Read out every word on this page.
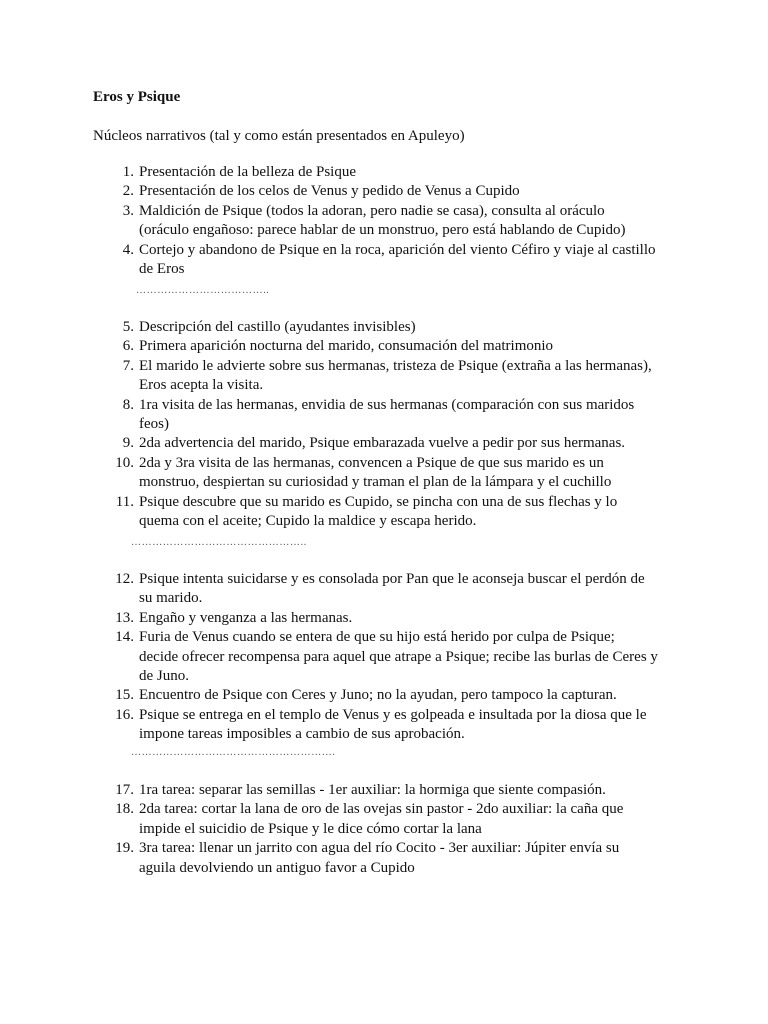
Eros y Psique
Núcleos narrativos (tal y como están presentados en Apuleyo)
1. Presentación de la belleza de Psique
2. Presentación de los celos de Venus y pedido de Venus a Cupido
3. Maldición de Psique (todos la adoran, pero nadie se casa), consulta al oráculo
(oráculo engañoso: parece hablar de un monstruo, pero está hablando de Cupido)
4. Cortejo y abandono de Psique en la roca, aparición del viento Céfiro y viaje al castillo
de Eros
………………………………..
5. Descripción del castillo (ayudantes invisibles)
6. Primera aparición nocturna del marido, consumación del matrimonio
7. El marido le advierte sobre sus hermanas, tristeza de Psique (extraña a las hermanas),
Eros acepta la visita.
8. 1ra visita de las hermanas, envidia de sus hermanas (comparación con sus maridos
feos)
9. 2da advertencia del marido, Psique embarazada vuelve a pedir por sus hermanas.
10. 2da y 3ra visita de las hermanas, convencen a Psique de que sus marido es un
monstruo, despiertan su curiosidad y traman el plan de la lámpara y el cuchillo
11. Psique descubre que su marido es Cupido, se pincha con una de sus flechas y lo
quema con el aceite; Cupido la maldice y escapa herido.
…………………………………………..
12. Psique intenta suicidarse y es consolada por Pan que le aconseja buscar el perdón de
su marido.
13. Engaño y venganza a las hermanas.
14. Furia de Venus cuando se entera de que su hijo está herido por culpa de Psique;
decide ofrecer recompensa para aquel que atrape a Psique; recibe las burlas de Ceres y
de Juno.
15. Encuentro de Psique con Ceres y Juno; no la ayudan, pero tampoco la capturan.
16. Psique se entrega en el templo de Venus y es golpeada e insultada por la diosa que le
impone tareas imposibles a cambio de sus aprobación.
………………………………………………….
17. 1ra tarea: separar las semillas - 1er auxiliar: la hormiga que siente compasión.
18. 2da tarea: cortar la lana de oro de las ovejas sin pastor - 2do auxiliar: la caña que
impide el suicidio de Psique y le dice cómo cortar la lana
19. 3ra tarea: llenar un jarrito con agua del río Cocito - 3er auxiliar: Júpiter envía su
aguila devolviendo un antiguo favor a Cupido
